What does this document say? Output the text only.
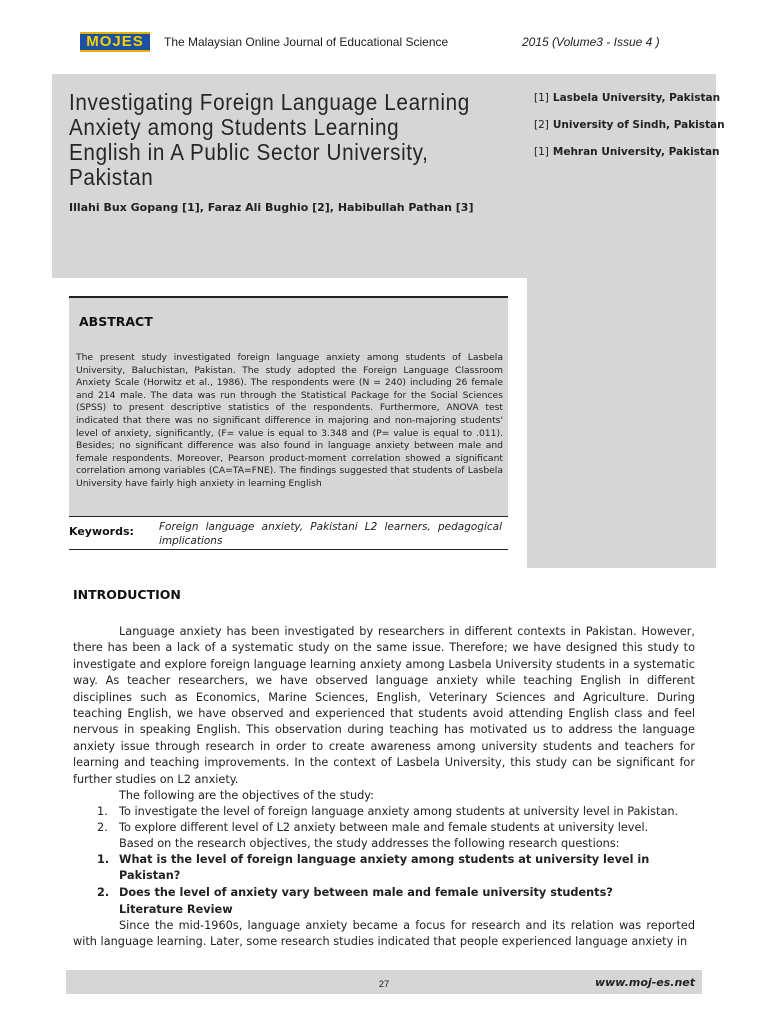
MOJES	The Malaysian Online Journal of Educational Science	2015 (Volume3 - Issue 4 )
Investigating Foreign Language Learning Anxiety among Students Learning English in A Public Sector University, Pakistan
[1] Lasbela University, Pakistan
[2] University of Sindh, Pakistan
[1] Mehran University, Pakistan
Illahi Bux Gopang [1], Faraz Ali Bughio [2], Habibullah Pathan [3]
ABSTRACT

The present study investigated foreign language anxiety among students of Lasbela University, Baluchistan, Pakistan. The study adopted the Foreign Language Classroom Anxiety Scale (Horwitz et al., 1986). The respondents were (N = 240) including 26 female and 214 male. The data was run through the Statistical Package for the Social Sciences (SPSS) to present descriptive statistics of the respondents. Furthermore, ANOVA test indicated that there was no significant difference in majoring and non-majoring students' level of anxiety, significantly, (F= value is equal to 3.348 and (P= value is equal to .011). Besides; no significant difference was also found in language anxiety between male and female respondents. Moreover, Pearson product-moment correlation showed a significant correlation among variables (CA=TA=FNE). The findings suggested that students of Lasbela University have fairly high anxiety in learning English

Keywords: Foreign language anxiety, Pakistani L2 learners, pedagogical implications
INTRODUCTION

Language anxiety has been investigated by researchers in different contexts in Pakistan. However, there has been a lack of a systematic study on the same issue. Therefore; we have designed this study to investigate and explore foreign language learning anxiety among Lasbela University students in a systematic way. As teacher researchers, we have observed language anxiety while teaching English in different disciplines such as Economics, Marine Sciences, English, Veterinary Sciences and Agriculture. During teaching English, we have observed and experienced that students avoid attending English class and feel nervous in speaking English. This observation during teaching has motivated us to address the language anxiety issue through research in order to create awareness among university students and teachers for learning and teaching improvements. In the context of Lasbela University, this study can be significant for further studies on L2 anxiety.

The following are the objectives of the study:

1. To investigate the level of foreign language anxiety among students at university level in Pakistan.
2. To explore different level of L2 anxiety between male and female students at university level.

Based on the research objectives, the study addresses the following research questions:

1. What is the level of foreign language anxiety among students at university level in Pakistan?
2. Does the level of anxiety vary between male and female university students?

Literature Review

Since the mid-1960s, language anxiety became a focus for research and its relation was reported with language learning. Later, some research studies indicated that people experienced language anxiety in

27	www.moj-es.net
